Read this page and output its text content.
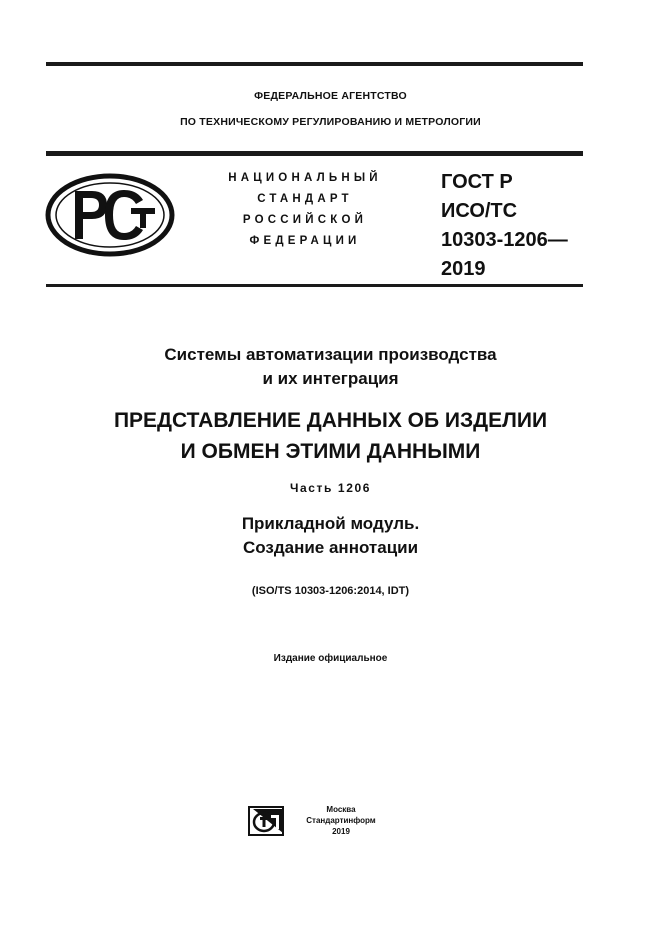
ФЕДЕРАЛЬНОЕ АГЕНТСТВО
ПО ТЕХНИЧЕСКОМУ РЕГУЛИРОВАНИЮ И МЕТРОЛОГИИ
НАЦИОНАЛЬНЫЙ
СТАНДАРТ
РОССИЙСКОЙ
ФЕДЕРАЦИИ
ГОСТ Р
ИСО/ТС
10303-1206—
2019
Системы автоматизации производства
и их интеграция
ПРЕДСТАВЛЕНИЕ ДАННЫХ ОБ ИЗДЕЛИИ
И ОБМЕН ЭТИМИ ДАННЫМИ
Часть 1206
Прикладной модуль.
Создание аннотации
(ISO/TS 10303-1206:2014, IDT)
Издание официальное
Москва
Стандартинформ
2019
